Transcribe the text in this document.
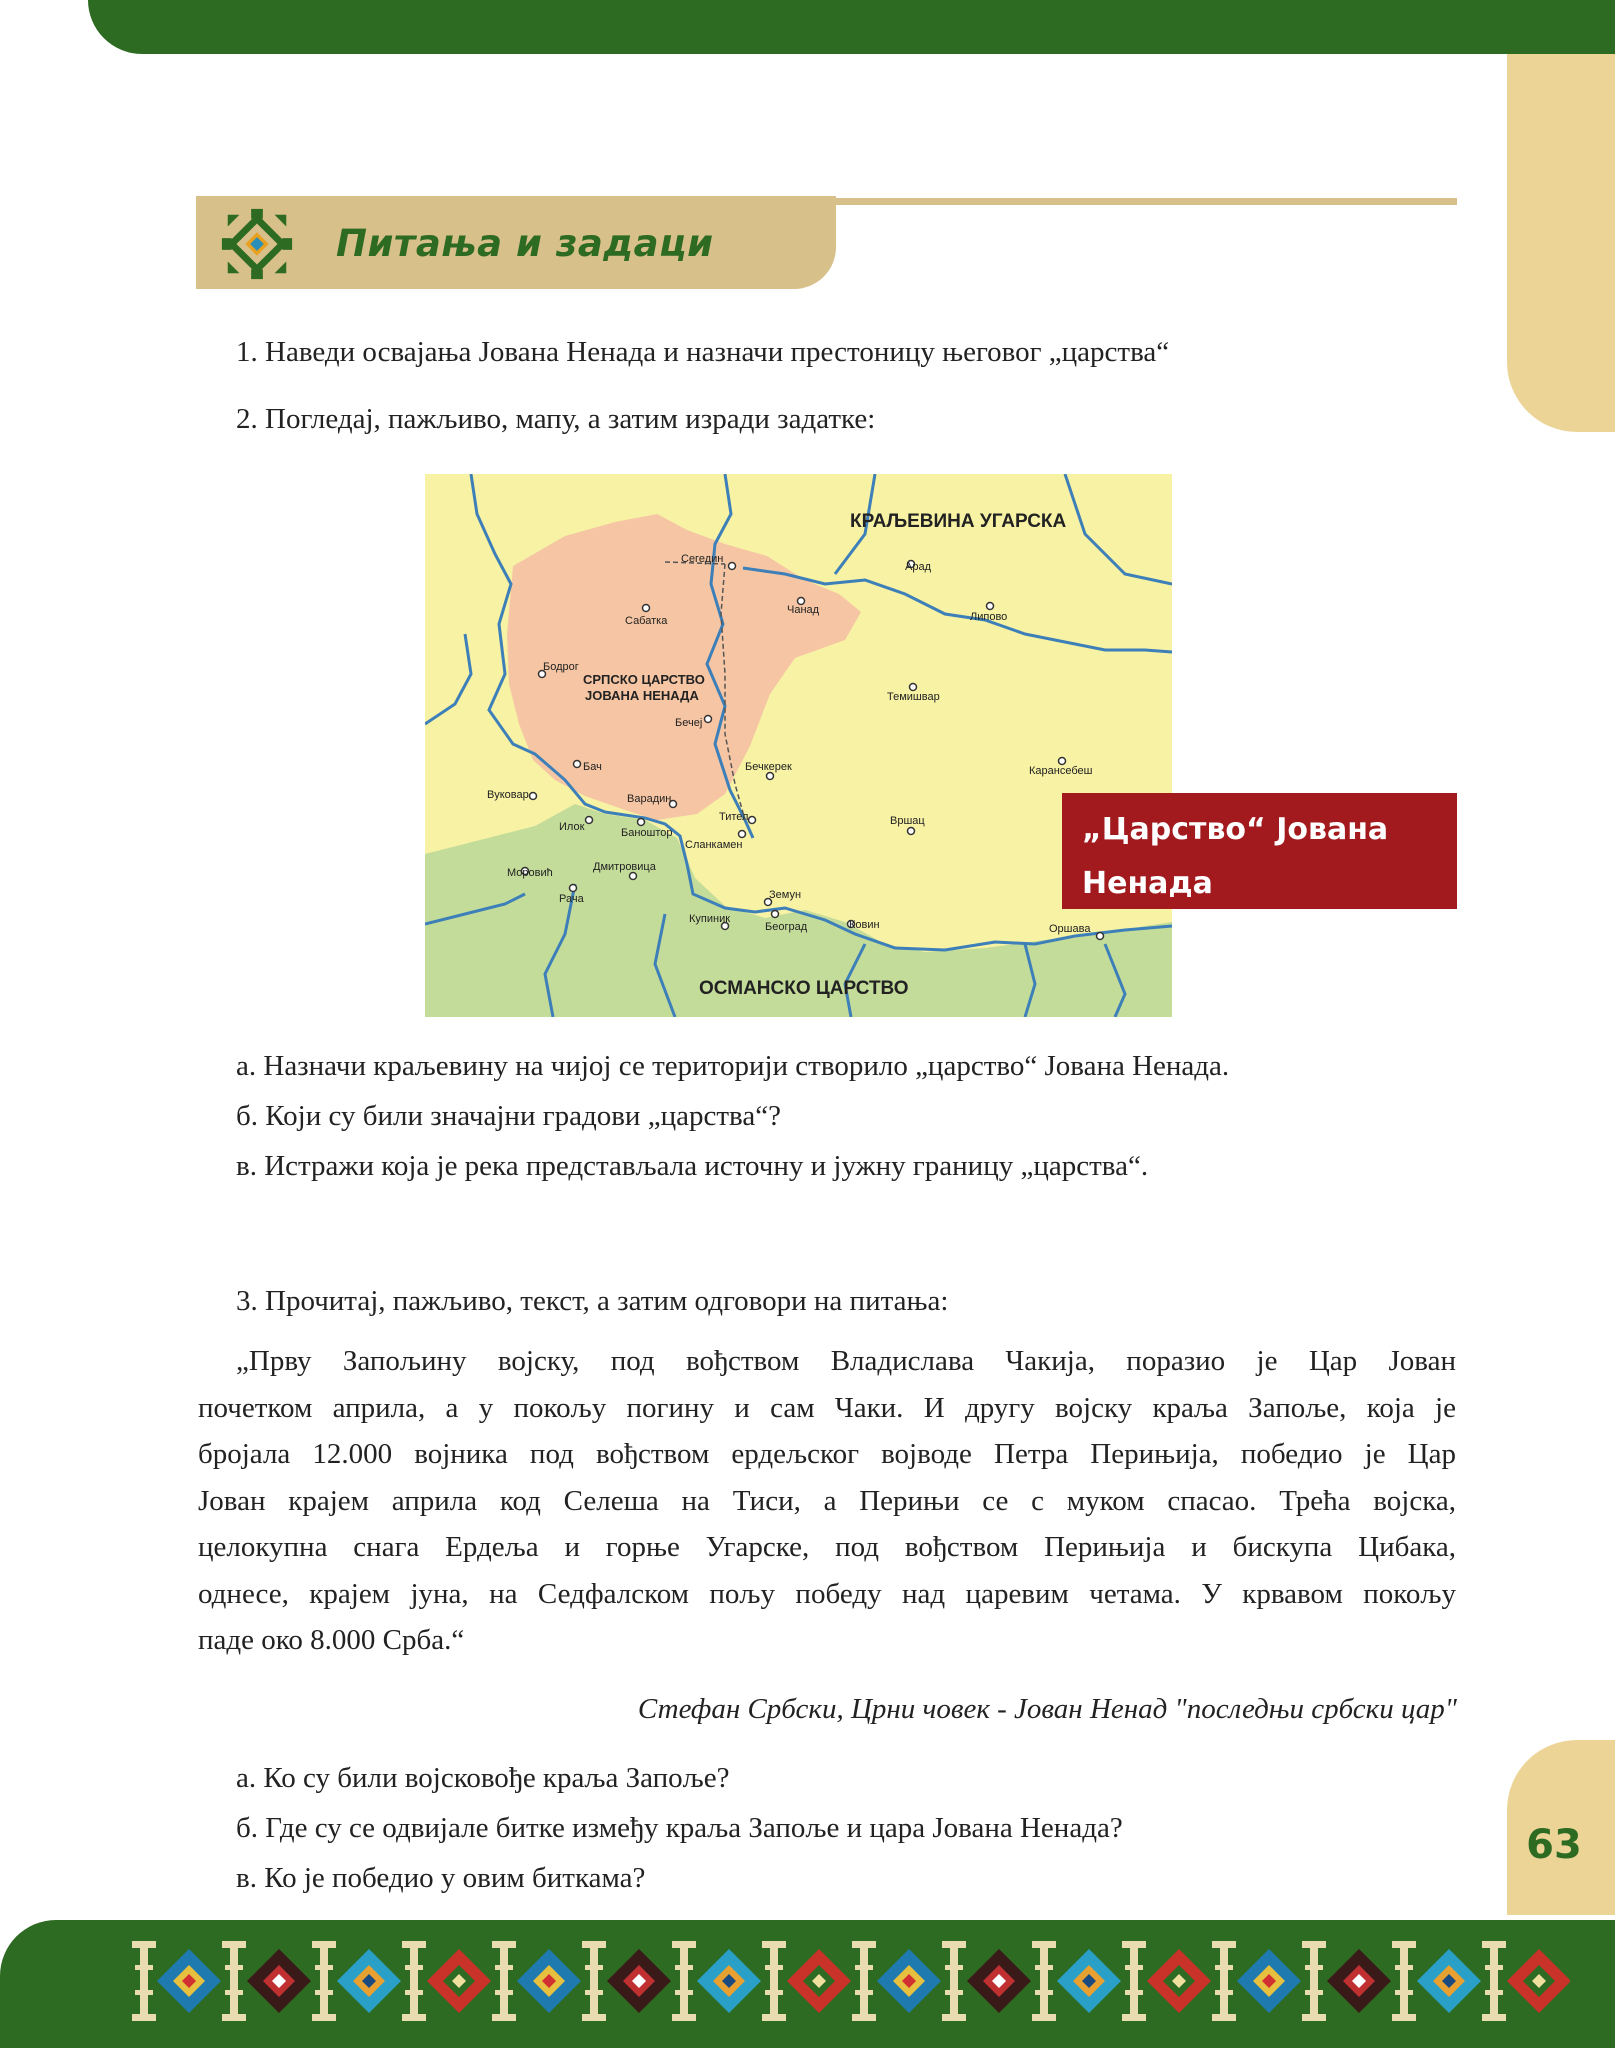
63
Питања и задаци
1. Наведи освајања Јована Ненада и назначи престоницу његовог „царства“
2. Погледај, пажљиво, мапу, а затим изради задатке:
КРАЉЕВИНА УГАРСКА
ОСМАНСКО ЦАРСТВО
СРПСКО ЦАРСТВО
ЈОВАНА НЕНАДА
Сегедин
Сабатка
Бодрог
Бечеј
Бач
Вуковар
Илок
Варадин
Баноштор
Тител
Сланкамен
Моровић	Дмитровица
Рача
Купиник
Земун
Београд	Ковин
Арад
Чанад
Липово
Темишвар
Бечкерек	Карансебеш
Вршац
Оршава
„Царство“ Јована
Ненада
а. Назначи краљевину на чијој се територији створило „царство“ Јована Ненада.
б. Који су били значајни градови „царства“?
в. Истражи која је река представљала источну и јужну границу „царства“.
3. Прочитај, пажљиво, текст, а затим одговори на питања:
„Прву Запољину војску, под вођством Владислава Чакија, поразио је Цар Јован
почетком априла, а у покољу погину и сам Чаки. И другу војску краља Запоље, која је
бројала 12.000 војника под вођством ердељског војводе Петра Перињија, победио је Цар
Јован крајем априла код Селеша на Тиси, а Перињи се с муком спасао. Трећа војска,
целокупна снага Ердеља и горње Угарске, под вођством Перињија и бискупа Цибака,
однесе, крајем јуна, на Седфалском пољу победу над царевим четама. У крвавом покољу
паде око 8.000 Срба.“
Стефан Србски, Црни човек - Јован Ненад "последњи србски цар"
а. Ко су били војсковође краља Запоље?
б. Где су се одвијале битке између краља Запоље и цара Јована Ненада?
в. Ко је победио у овим биткама?
